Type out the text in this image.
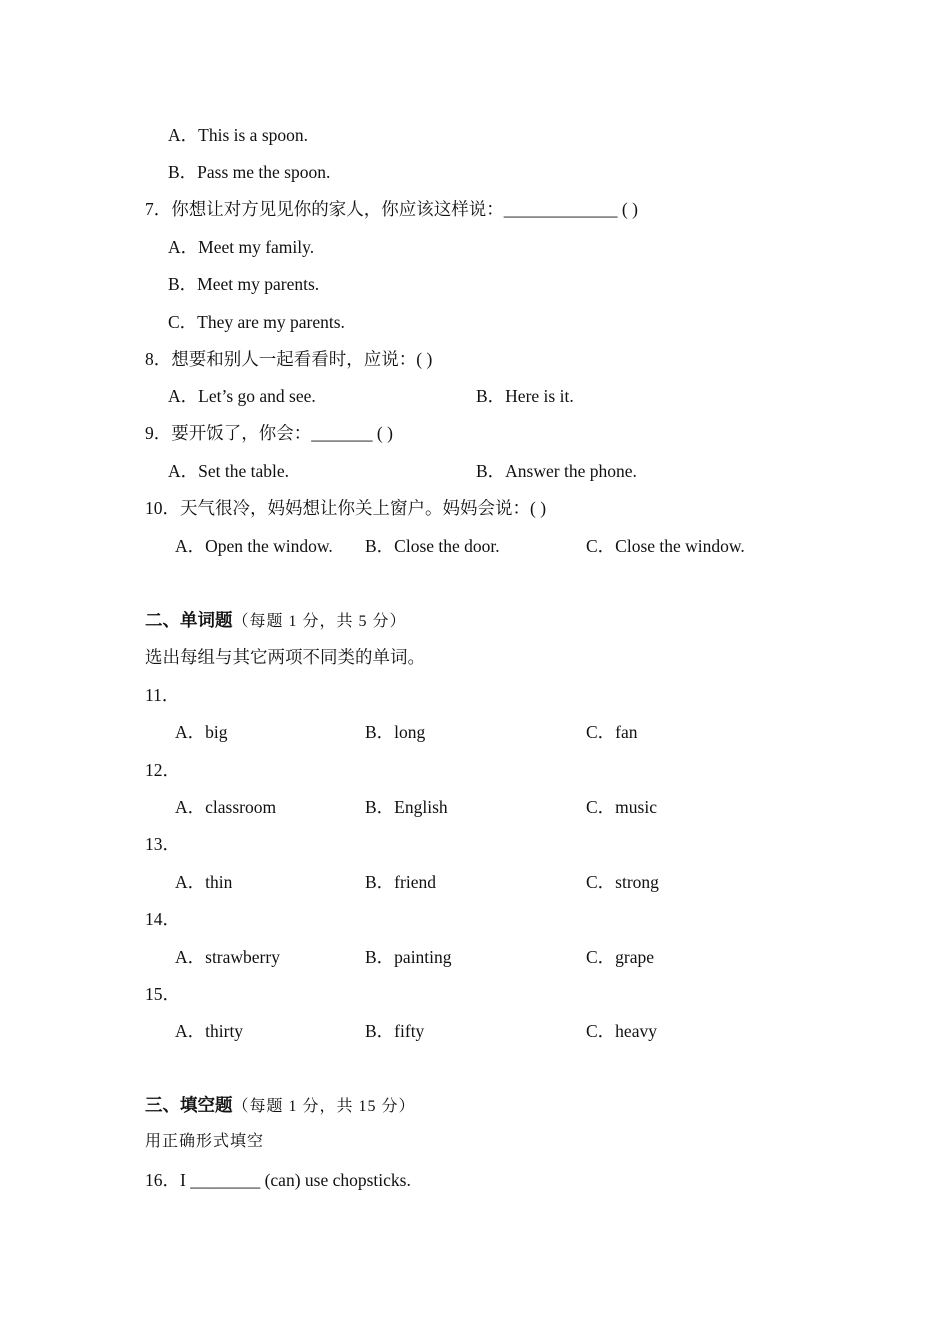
A．This is a spoon.
B．Pass me the spoon.
7．你想让对方见见你的家人，你应该这样说：_____________ ( )
A．Meet my family.
B．Meet my parents.
C．They are my parents.
8．想要和别人一起看看时，应说：( )
A．Let’s go and see.	B．Here is it.
9．要开饭了，你会：_______ ( )
A．Set the table.	B．Answer the phone.
10．天气很冷，妈妈想让你关上窗户。妈妈会说：( )
A．Open the window. B．Close the door.	C．Close the window.
二、单词题（每题 1 分，共 5 分）
选出每组与其它两项不同类的单词。
11．
A．big	B．long	C．fan
12．
A．classroom	B．English	C．music
13．
A．thin	B．friend	C．strong
14．
A．strawberry	B．painting	C．grape
15．
A．thirty	B．fifty	C．heavy
三、填空题（每题 1 分，共 15 分）
用正确形式填空
16．I ________ (can) use chopsticks.
